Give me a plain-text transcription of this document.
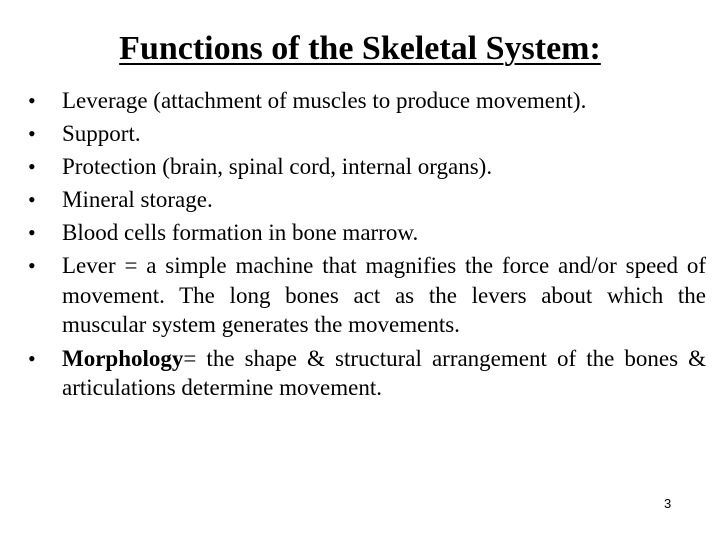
Functions of the Skeletal System:
•	Leverage (attachment of muscles to produce movement).
•	Support.
•	Protection (brain, spinal cord, internal organs).
•	Mineral storage.
•	Blood cells formation in bone marrow.
•	Lever = a simple machine that magnifies the force and/or speed of movement. The long bones act as the levers about which the muscular system generates the movements.
•	Morphology= the shape & structural arrangement of the bones & articulations determine movement.
3
